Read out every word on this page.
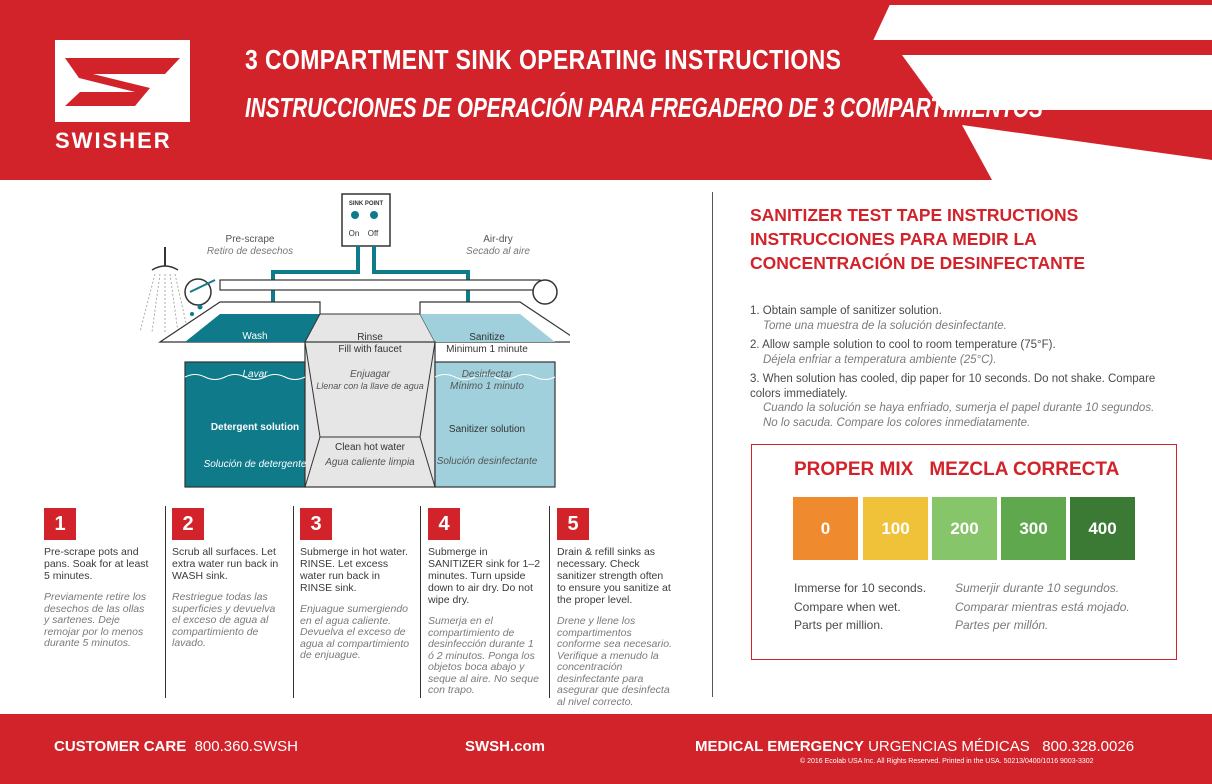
SWISHER
3 COMPARTMENT SINK OPERATING INSTRUCTIONS
INSTRUCCIONES DE OPERACIÓN PARA FREGADERO DE 3 COMPARTIMIENTOS
SINK POINT
On Off
Pre-scrape
Retiro de desechos
Air-dry
Secado al aire
Wash
Lavar
Detergent solution
Solución de detergente
Rinse
Fill with faucet
Enjuagar
Llenar con la llave de agua
Clean hot water
Agua caliente limpia
Sanitize
Minimum 1 minute
Desinfectar
Mínimo 1 minuto
Sanitizer solution
Solución desinfectante
1
Pre-scrape pots and pans. Soak for at least 5 minutes.
Previamente retire los desechos de las ollas y sartenes. Deje remojar por lo menos durante 5 minutos.
2
Scrub all surfaces. Let extra water run back in WASH sink.
Restriegue todas las superficies y devuelva el exceso de agua al compartimiento de lavado.
3
Submerge in hot water. RINSE. Let excess water run back in RINSE sink.
Enjuague sumergiendo en el agua caliente. Devuelva el exceso de agua al compartimiento de enjuague.
4
Submerge in SANITIZER sink for 1–2 minutes. Turn upside down to air dry. Do not wipe dry.
Sumerja en el compartimiento de desinfección durante 1 ó 2 minutos. Ponga los objetos boca abajo y seque al aire. No seque con trapo.
5
Drain & refill sinks as necessary. Check sanitizer strength often to ensure you sanitize at the proper level.
Drene y llene los compartimentos conforme sea necesario. Verifique a menudo la concentración desinfectante para asegurar que desinfecta al nivel correcto.
SANITIZER TEST TAPE INSTRUCTIONS
INSTRUCCIONES PARA MEDIR LA CONCENTRACIÓN DE DESINFECTANTE
1. Obtain sample of sanitizer solution.
Tome una muestra de la solución desinfectante.
2. Allow sample solution to cool to room temperature (75°F).
Déjela enfriar a temperatura ambiente (25°C).
3. When solution has cooled, dip paper for 10 seconds. Do not shake. Compare colors immediately.
Cuando la solución se haya enfriado, sumerja el papel durante 10 segundos. No lo sacuda. Compare los colores inmediatamente.
PROPER MIX MEZCLA CORRECTA
0	100	200	300	400
Immerse for 10 seconds.
Compare when wet.
Parts per million.
Sumerjir durante 10 segundos.
Comparar mientras está mojado.
Partes per millón.
CUSTOMER CARE 800.360.SWSH	SWSH.com	MEDICAL EMERGENCY URGENCIAS MÉDICAS 800.328.0026
© 2016 Ecolab USA Inc. All Rights Reserved. Printed in the USA. 50213/0400/1016 9003-3302
